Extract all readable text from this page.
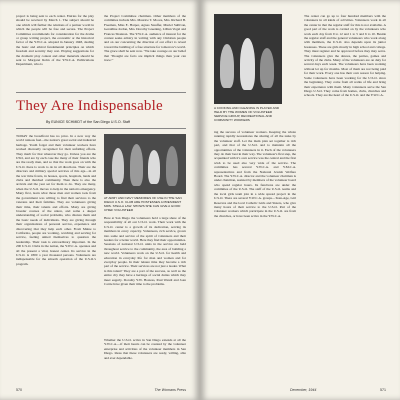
project is being sent to each center. Entries for the play should be received by March 1. The subject should be one which will further the relations of a partner world in which the people will be free and secure. The Project Committee recommends for consideration for the drama or group writing project, the economic or the historical factor of the Y.W.C.A. adopted in January 1948, dealing the basic and ethical fundamental principles on which freedom and security may rest. Playing suggestions for the dramatic play contest and other materials should be sent to Margaret Rohn of the Y.W.C.A. Publications Department, who is
the Project Committee chairman. Other members of the committee include Mrs. Maurice T. Moore, Mrs. Richard B. Freeman, Miss E. Harper, Agnes Stauffer, Muriel Sullivan, Geraldine Jordan, Mrs. Dorothy Greening, Lillian Vogel and Frances Shannon. The Y.W.C.A. audience of interest for the contest seeks artistry in writing with any Christian people and on our concerning the direction of our effort to reveal toward the building of a free structure for tomorrow's world. The grace shall be sent now. "We take courage on our belief that 'Thought are facts are implicit things than your can trace.'"
They Are Indispensable
By EUNICE SCHMIDT of the San Diego U.S.O. Staff
TODAY the breadfront has no price. In a new way the world ruinous fuel—the nation's great social and industrial heritage. Youth forget and their volunteer workers have worked discreetly recognized for their unfailing efforts. They merit for that wherever they go. Unless you are the USO, and are by each case the many of their friends who are the ready men, and so that the work goes on with the U.S.O. there is work to do in all directions. Their are the directors and military special services of this age—in all the war time fronts, in houses, sports, hospitals, lands and clubs and thatched community. Then there is also the arrivals and the year set for them to do. They are many, when the U.S.O. moves to help in the nation's emergency. Many first, learn what those men and women took from the government was willing to find their services to the veterans and their families. They are volunteers giving their time, their talents and efforts. Many are giving broader courses of the union, and some a deeper understanding of social problems, who discuss them and the basic needs of individuals. They are giving through their organizations of personal service, experience and discovering that they help each other. From Maine to California, people are working, watching and serving for service, feeling united themselves to question the leadership. Their task is extraordinary important. In the 200 U.S.O. Clubs in the nation, the Y.W.C.A. operates and all the present a vital, honest center. Its service in the U.S.O. is 1800 a year thousand persons. Volunteers are indispensable for the smooth operation of the U.S.O.'s program.
AT ARMY AND NAVY MEMORIES OF USE IN THE SAN DIEGO U.S.O. CLUB ARE HOSTESSES A PRESIDENT MRS. STELLA LAW. SHOWS SHE CAN GIVE A GOOD CHIEF VOLUNTEER
Here at San Diego the volunteers hold a large share of the responsibility of all our U.S.O. work. Their work with the U.S.O. center is a growth of its dedication, serving its members in every capacity. Volunteers, rich service, grown into some and service of the spirit of volunteers and their leaders for a better world. Here they find their opportunities. Sessions of national U.S.O. units in the service are held throughout service to the community, the area of building a new world. Volunteers work on the U.S.O. for health and education in everyday life for man and women and for everyday people. In their leisure time they become a rich part of the service. Their services are not just a leader. What is this talent? They are a part of the success, as well as the entire city they have a heritage of social duties which they meet eagerly. Dorothy Y.W. Hostess, Paul Wendt and Joan Carrie have given their time to the problems.
Whether the U.S.O. active in San Diego extends at all the Y.W.C.A.—if their hearts can be counted by the volunteer enterprise and activities of the volunteer members in San Diego. Ideas that these volunteers are ready, willing, able and ever dependable.
570	The Womans Press
A COOKING AND CLEANING IS PLAYED AND HELD BY THE WOMEN OF VOLUNTEER SERVICE GROUP, RECREATIONAL AND COMMUNITY WORKERS
ing the success of volunteer workers. Keeping the whole running rapidly necessitates the sharing of all the tasks by the volunteer staff. Let the main plan set together is rich part, and that of the U.S.O. and to maintain all the opportunities of the volunteers in it. Each of the volunteers they do their best in their way. The volunteer's first step, the acquainted with it's own service was the central and the first wish to be used also very wide of the service. The committee has several Y.W.C.A. and Y.M.C.A. representatives and from the National Jewish Welfare Board. The Y.W.C.A. director and the volunteer chairman is under chairman, assisted by members of the volunteer board who spend regular hours. Its functions are under the committee of the U.S.O. The staff of the U.S.O. teams and the local girls team join in a wide spread project in the U.S.O. There are several Y.W.C.A. groups—Teen-Age, Girl Reserves and the local Catholic Girls and Sisters, who give many hours of their service to the U.S.O. Part of the volunteer workers which participate in the U.S.O. are from the churches, or have been active in the Y.W.C.A.
The center can go up to four hundred members with the volunteers in all kinds of activities. Volunteers work in all the center in that the regular staff for this is not available. A good part of the work is carried on by the volunteers who work each day from 9 to 12 and 1 to 5 and 6 to 10. Beside the regular staff and the general volunteers who work along with members, the U.S.O. also depends upon its junior hostesses. These are girls mostly in high school and college. They must register and be approved before they may serve. The volunteers give the dances, the parties, games and activity of the clubs. Many of the volunteers are on duty for several days each week. The volunteers have been working without let up for months. Most of them are not being paid for their work. Every one has their own reason for helping. Some volunteers have been working for the U.S.O. since the beginning. They come from all walks of life and bring their experience with them. Many volunteers serve the San Diego U.S.O. They come from homes, clubs, churches and schools. They are the heart of the U.S.O. and the Y.W.C.A.
December, 1944	571
